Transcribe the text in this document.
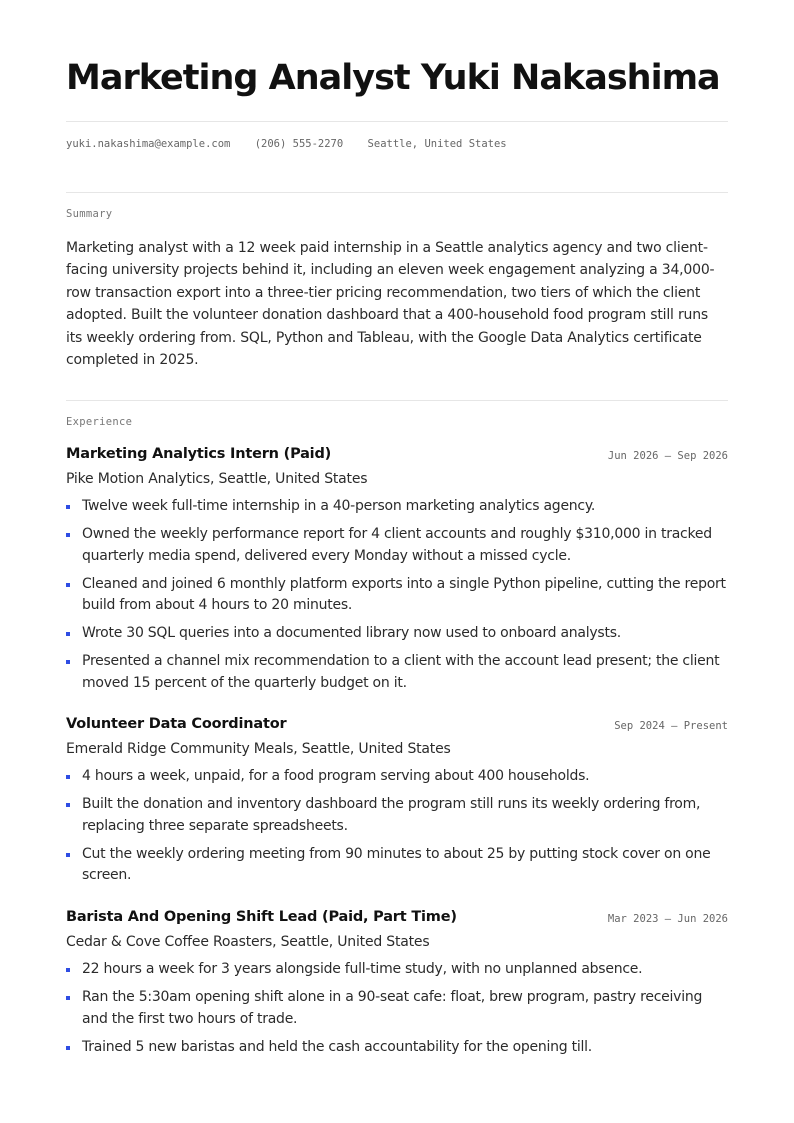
Marketing Analyst Yuki Nakashima
yuki.nakashima@example.com (206) 555-2270 Seattle, United States
Summary

Marketing analyst with a 12 week paid internship in a Seattle analytics agency and two client-facing university projects behind it, including an eleven week engagement analyzing a 34,000-row transaction export into a three-tier pricing recommendation, two tiers of which the client adopted. Built the volunteer donation dashboard that a 400-household food program still runs its weekly ordering from. SQL, Python and Tableau, with the Google Data Analytics certificate completed in 2025.

Experience
Marketing Analytics Intern (Paid)	Jun 2026 — Sep 2026
Pike Motion Analytics, Seattle, United States
Twelve week full-time internship in a 40-person marketing analytics agency.
Owned the weekly performance report for 4 client accounts and roughly $310,000 in tracked quarterly media spend, delivered every Monday without a missed cycle.
Cleaned and joined 6 monthly platform exports into a single Python pipeline, cutting the report build from about 4 hours to 20 minutes.
Wrote 30 SQL queries into a documented library now used to onboard analysts.
Presented a channel mix recommendation to a client with the account lead present; the client moved 15 percent of the quarterly budget on it.
Volunteer Data Coordinator	Sep 2024 — Present
Emerald Ridge Community Meals, Seattle, United States
4 hours a week, unpaid, for a food program serving about 400 households.
Built the donation and inventory dashboard the program still runs its weekly ordering from, replacing three separate spreadsheets.
Cut the weekly ordering meeting from 90 minutes to about 25 by putting stock cover on one screen.
Barista And Opening Shift Lead (Paid, Part Time)	Mar 2023 — Jun 2026
Cedar & Cove Coffee Roasters, Seattle, United States
22 hours a week for 3 years alongside full-time study, with no unplanned absence.
Ran the 5:30am opening shift alone in a 90-seat cafe: float, brew program, pastry receiving and the first two hours of trade.
Trained 5 new baristas and held the cash accountability for the opening till.
